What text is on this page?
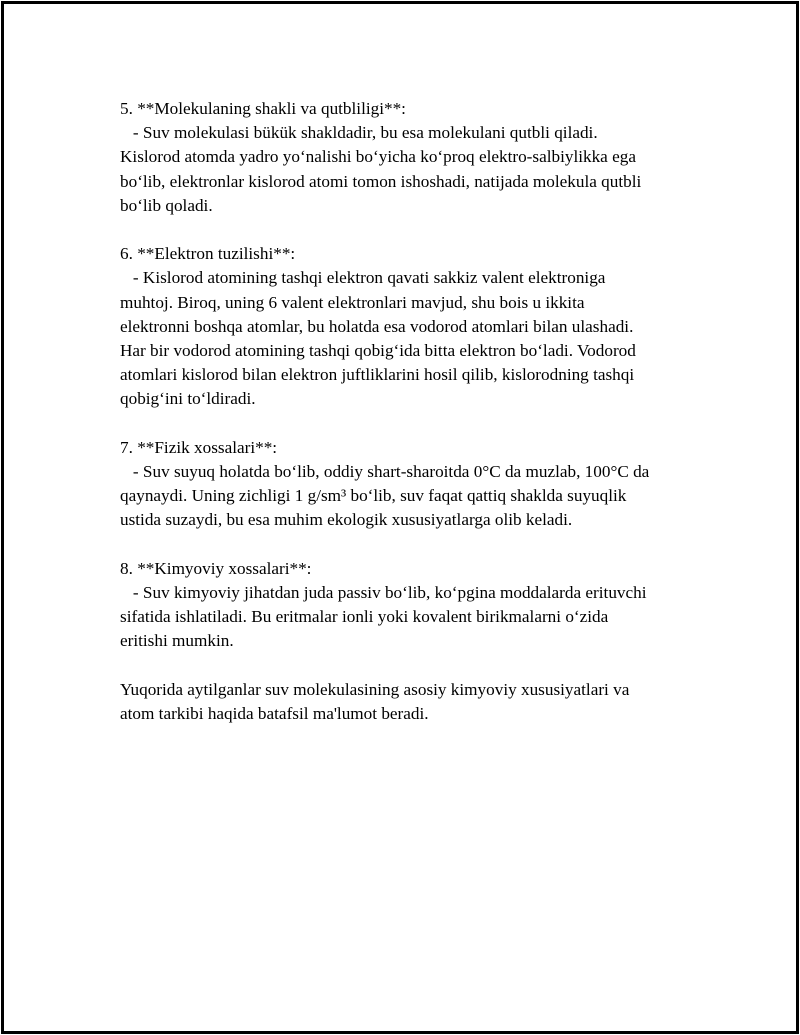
5. **Molekulaning shakli va qutbliligi**:
- Suv molekulasi bükük shakldadir, bu esa molekulani qutbli qiladi.
Kislorod atomda yadro yo‘nalishi bo‘yicha ko‘proq elektro-salbiylikka ega
bo‘lib, elektronlar kislorod atomi tomon ishoshadi, natijada molekula qutbli
bo‘lib qoladi.
6. **Elektron tuzilishi**:
- Kislorod atomining tashqi elektron qavati sakkiz valent elektroniga
muhtoj. Biroq, uning 6 valent elektronlari mavjud, shu bois u ikkita
elektronni boshqa atomlar, bu holatda esa vodorod atomlari bilan ulashadi.
Har bir vodorod atomining tashqi qobig‘ida bitta elektron bo‘ladi. Vodorod
atomlari kislorod bilan elektron juftliklarini hosil qilib, kislorodning tashqi
qobig‘ini to‘ldiradi.
7. **Fizik xossalari**:
- Suv suyuq holatda bo‘lib, oddiy shart-sharoitda 0°C da muzlab, 100°C da
qaynaydi. Uning zichligi 1 g/sm³ bo‘lib, suv faqat qattiq shaklda suyuqlik
ustida suzaydi, bu esa muhim ekologik xususiyatlarga olib keladi.
8. **Kimyoviy xossalari**:
- Suv kimyoviy jihatdan juda passiv bo‘lib, ko‘pgina moddalarda erituvchi
sifatida ishlatiladi. Bu eritmalar ionli yoki kovalent birikmalarni o‘zida
eritishi mumkin.
Yuqorida aytilganlar suv molekulasining asosiy kimyoviy xususiyatlari va
atom tarkibi haqida batafsil ma'lumot beradi.
